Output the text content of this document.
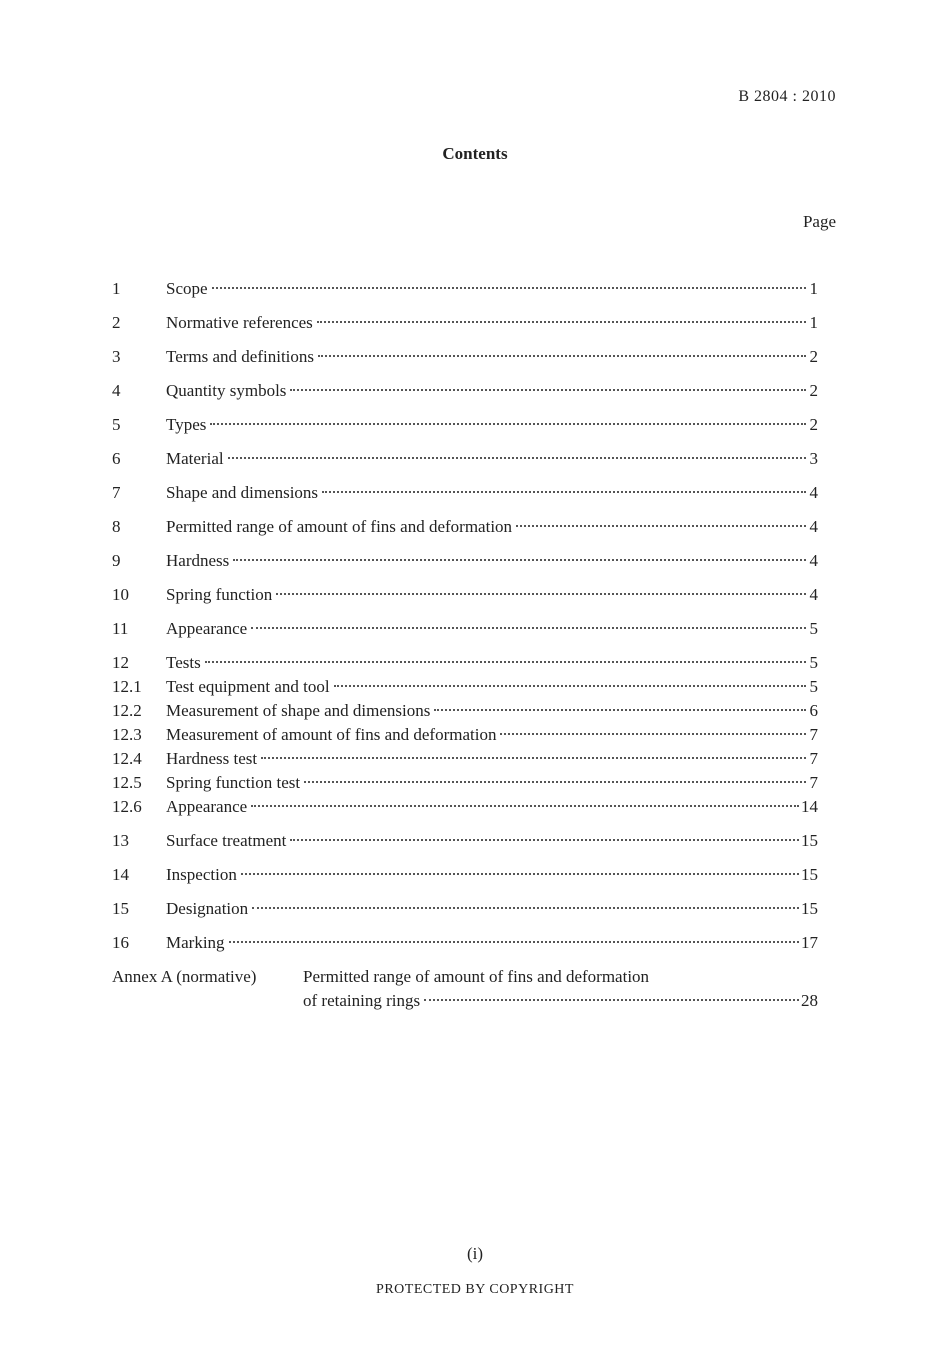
B 2804 : 2010
Contents
Page
1	Scope	1
2	Normative references	1
3	Terms and definitions	2
4	Quantity symbols	2
5	Types	2
6	Material	3
7	Shape and dimensions	4
8	Permitted range of amount of fins and deformation	4
9	Hardness	4
10	Spring function	4
11	Appearance	5
12	Tests	5
12.1	Test equipment and tool	5
12.2	Measurement of shape and dimensions	6
12.3	Measurement of amount of fins and deformation	7
12.4	Hardness test	7
12.5	Spring function test	7
12.6	Appearance	14
13	Surface treatment	15
14	Inspection	15
15	Designation	15
16	Marking	17
Annex A (normative)	Permitted range of amount of fins and deformation
of retaining rings	28
(i)
PROTECTED BY COPYRIGHT
